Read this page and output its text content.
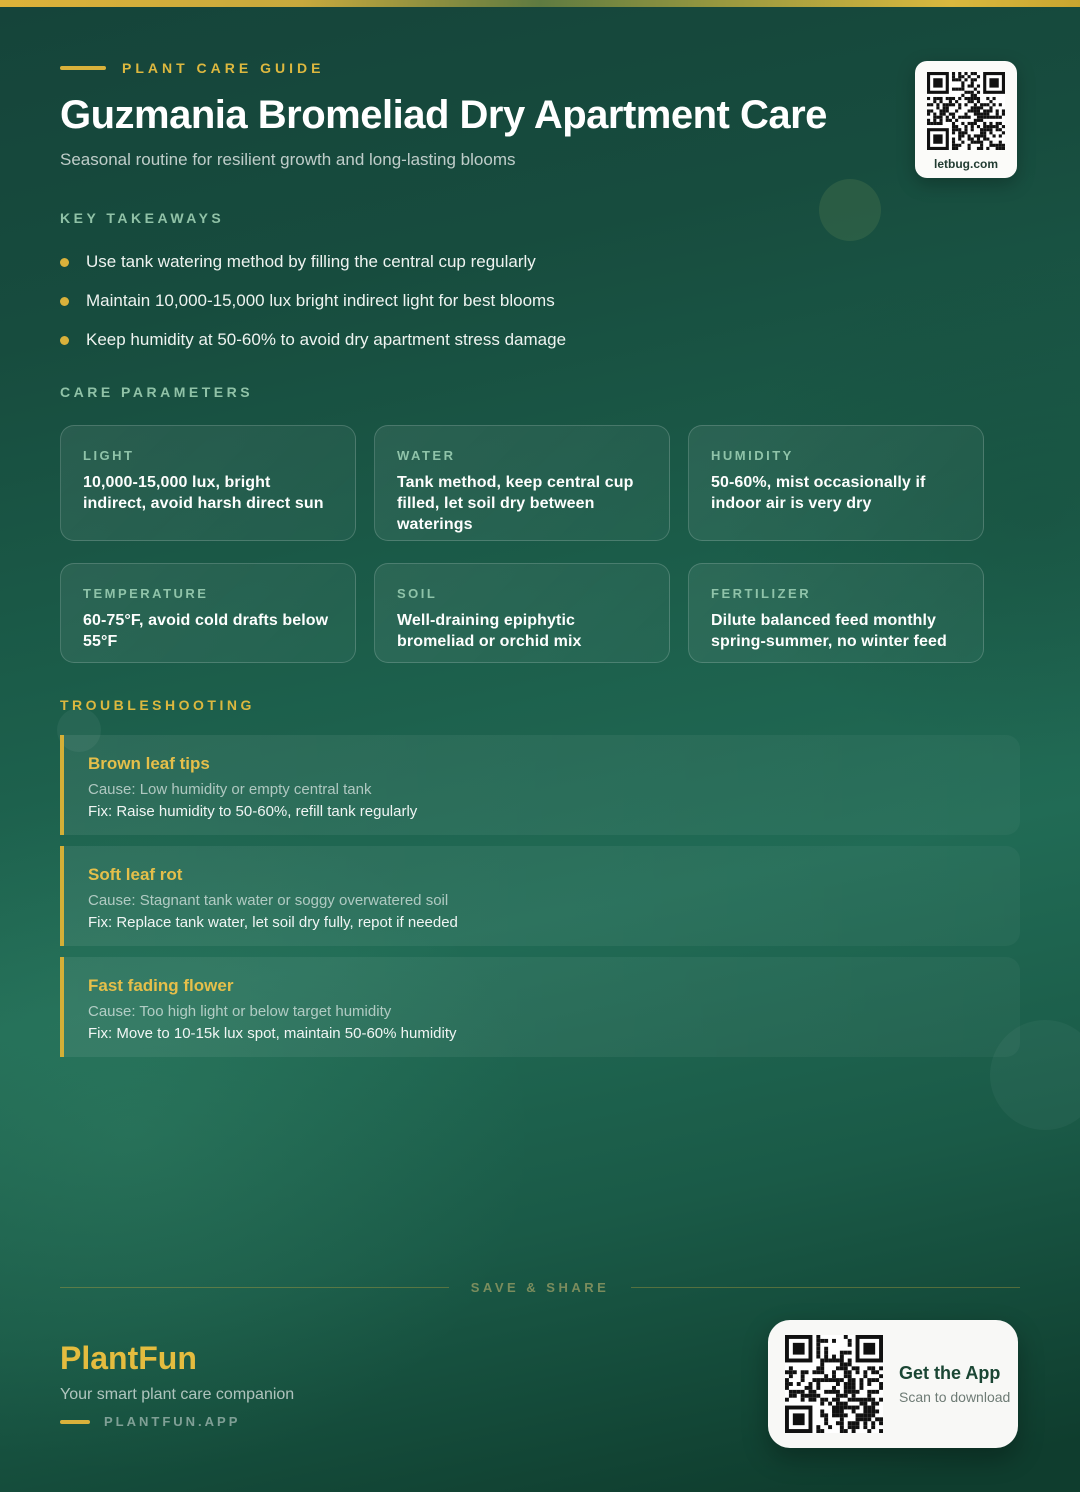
PLANT CARE GUIDE
Guzmania Bromeliad Dry Apartment Care
Seasonal routine for resilient growth and long-lasting blooms	letbug.com
KEY TAKEAWAYS
Use tank watering method by filling the central cup regularly
Maintain 10,000-15,000 lux bright indirect light for best blooms
Keep humidity at 50-60% to avoid dry apartment stress damage
CARE PARAMETERS
LIGHT
10,000-15,000 lux, bright indirect, avoid harsh direct sun
WATER
Tank method, keep central cup filled, let soil dry between waterings
HUMIDITY
50-60%, mist occasionally if indoor air is very dry
TEMPERATURE
60-75°F, avoid cold drafts below 55°F
SOIL
Well-draining epiphytic bromeliad or orchid mix
FERTILIZER
Dilute balanced feed monthly spring-summer, no winter feed
TROUBLESHOOTING
Brown leaf tips
Cause: Low humidity or empty central tank
Fix: Raise humidity to 50-60%, refill tank regularly
Soft leaf rot
Cause: Stagnant tank water or soggy overwatered soil
Fix: Replace tank water, let soil dry fully, repot if needed
Fast fading flower
Cause: Too high light or below target humidity
Fix: Move to 10-15k lux spot, maintain 50-60% humidity
SAVE & SHARE
PlantFun
Your smart plant care companion
PLANTFUN.APP
Get the App
Scan to download
